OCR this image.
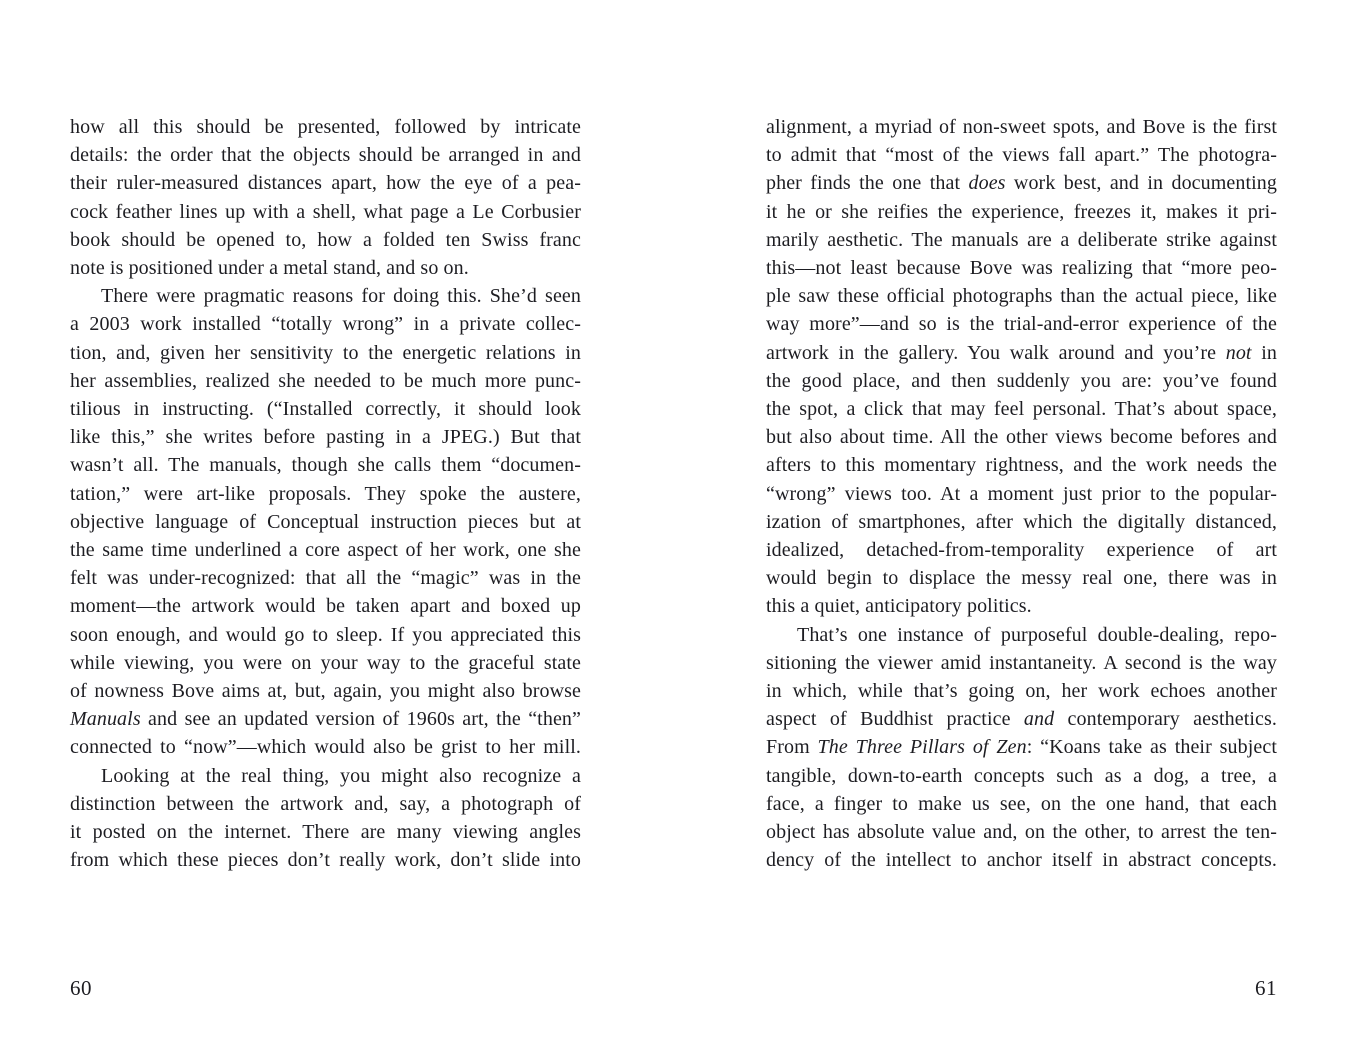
how all this should be presented, followed by intricate
details: the order that the objects should be arranged in and
their ruler-measured distances apart, how the eye of a pea-
cock feather lines up with a shell, what page a Le Corbusier
book should be opened to, how a folded ten Swiss franc
note is positioned under a metal stand, and so on.
There were pragmatic reasons for doing this. She’d seen
a 2003 work installed “totally wrong” in a private collec-
tion, and, given her sensitivity to the energetic relations in
her assemblies, realized she needed to be much more punc-
tilious in instructing. (“Installed correctly, it should look
like this,” she writes before pasting in a JPEG.) But that
wasn’t all. The manuals, though she calls them “documen-
tation,” were art-like proposals. They spoke the austere,
objective language of Conceptual instruction pieces but at
the same time underlined a core aspect of her work, one she
felt was under-recognized: that all the “magic” was in the
moment—the artwork would be taken apart and boxed up
soon enough, and would go to sleep. If you appreciated this
while viewing, you were on your way to the graceful state
of nowness Bove aims at, but, again, you might also browse
Manuals and see an updated version of 1960s art, the “then”
connected to “now”—which would also be grist to her mill.
Looking at the real thing, you might also recognize a
distinction between the artwork and, say, a photograph of
it posted on the internet. There are many viewing angles
from which these pieces don’t really work, don’t slide into
60
alignment, a myriad of non-sweet spots, and Bove is the first
to admit that “most of the views fall apart.” The photogra-
pher finds the one that does work best, and in documenting
it he or she reifies the experience, freezes it, makes it pri-
marily aesthetic. The manuals are a deliberate strike against
this—not least because Bove was realizing that “more peo-
ple saw these official photographs than the actual piece, like
way more”—and so is the trial-and-error experience of the
artwork in the gallery. You walk around and you’re not in
the good place, and then suddenly you are: you’ve found
the spot, a click that may feel personal. That’s about space,
but also about time. All the other views become befores and
afters to this momentary rightness, and the work needs the
“wrong” views too. At a moment just prior to the popular-
ization of smartphones, after which the digitally distanced,
idealized, detached-from-temporality experience of art
would begin to displace the messy real one, there was in
this a quiet, anticipatory politics.
That’s one instance of purposeful double-dealing, repo-
sitioning the viewer amid instantaneity. A second is the way
in which, while that’s going on, her work echoes another
aspect of Buddhist practice and contemporary aesthetics.
From The Three Pillars of Zen: “Koans take as their subject
tangible, down-to-earth concepts such as a dog, a tree, a
face, a finger to make us see, on the one hand, that each
object has absolute value and, on the other, to arrest the ten-
dency of the intellect to anchor itself in abstract concepts.
61
